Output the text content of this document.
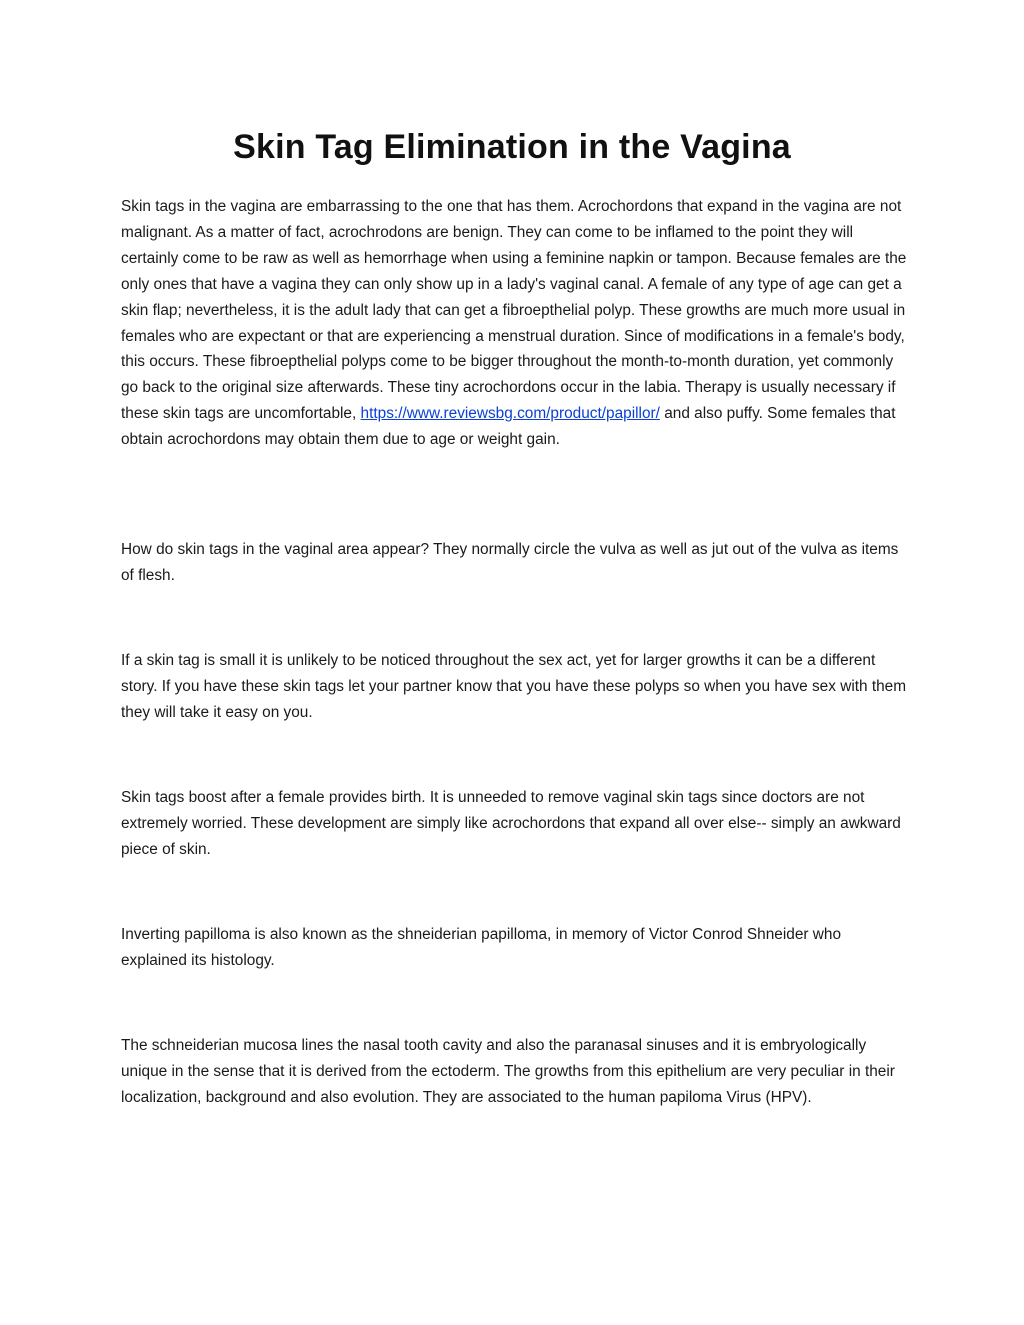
Skin Tag Elimination in the Vagina

Skin tags in the vagina are embarrassing to the one that has them. Acrochordons that expand in the vagina are not malignant. As a matter of fact, acrochrodons are benign. They can come to be inflamed to the point they will certainly come to be raw as well as hemorrhage when using a feminine napkin or tampon. Because females are the only ones that have a vagina they can only show up in a lady's vaginal canal. A female of any type of age can get a skin flap; nevertheless, it is the adult lady that can get a fibroepthelial polyp. These growths are much more usual in females who are expectant or that are experiencing a menstrual duration. Since of modifications in a female's body, this occurs. These fibroepthelial polyps come to be bigger throughout the month-to-month duration, yet commonly go back to the original size afterwards. These tiny acrochordons occur in the labia. Therapy is usually necessary if these skin tags are uncomfortable, https://www.reviewsbg.com/product/papillor/ and also puffy. Some females that obtain acrochordons may obtain them due to age or weight gain.

How do skin tags in the vaginal area appear? They normally circle the vulva as well as jut out of the vulva as items of flesh.

If a skin tag is small it is unlikely to be noticed throughout the sex act, yet for larger growths it can be a different story. If you have these skin tags let your partner know that you have these polyps so when you have sex with them they will take it easy on you.

Skin tags boost after a female provides birth. It is unneeded to remove vaginal skin tags since doctors are not extremely worried. These development are simply like acrochordons that expand all over else-- simply an awkward piece of skin.

Inverting papilloma is also known as the shneiderian papilloma, in memory of Victor Conrod Shneider who explained its histology.

The schneiderian mucosa lines the nasal tooth cavity and also the paranasal sinuses and it is embryologically unique in the sense that it is derived from the ectoderm. The growths from this epithelium are very peculiar in their localization, background and also evolution. They are associated to the human papiloma Virus (HPV).
